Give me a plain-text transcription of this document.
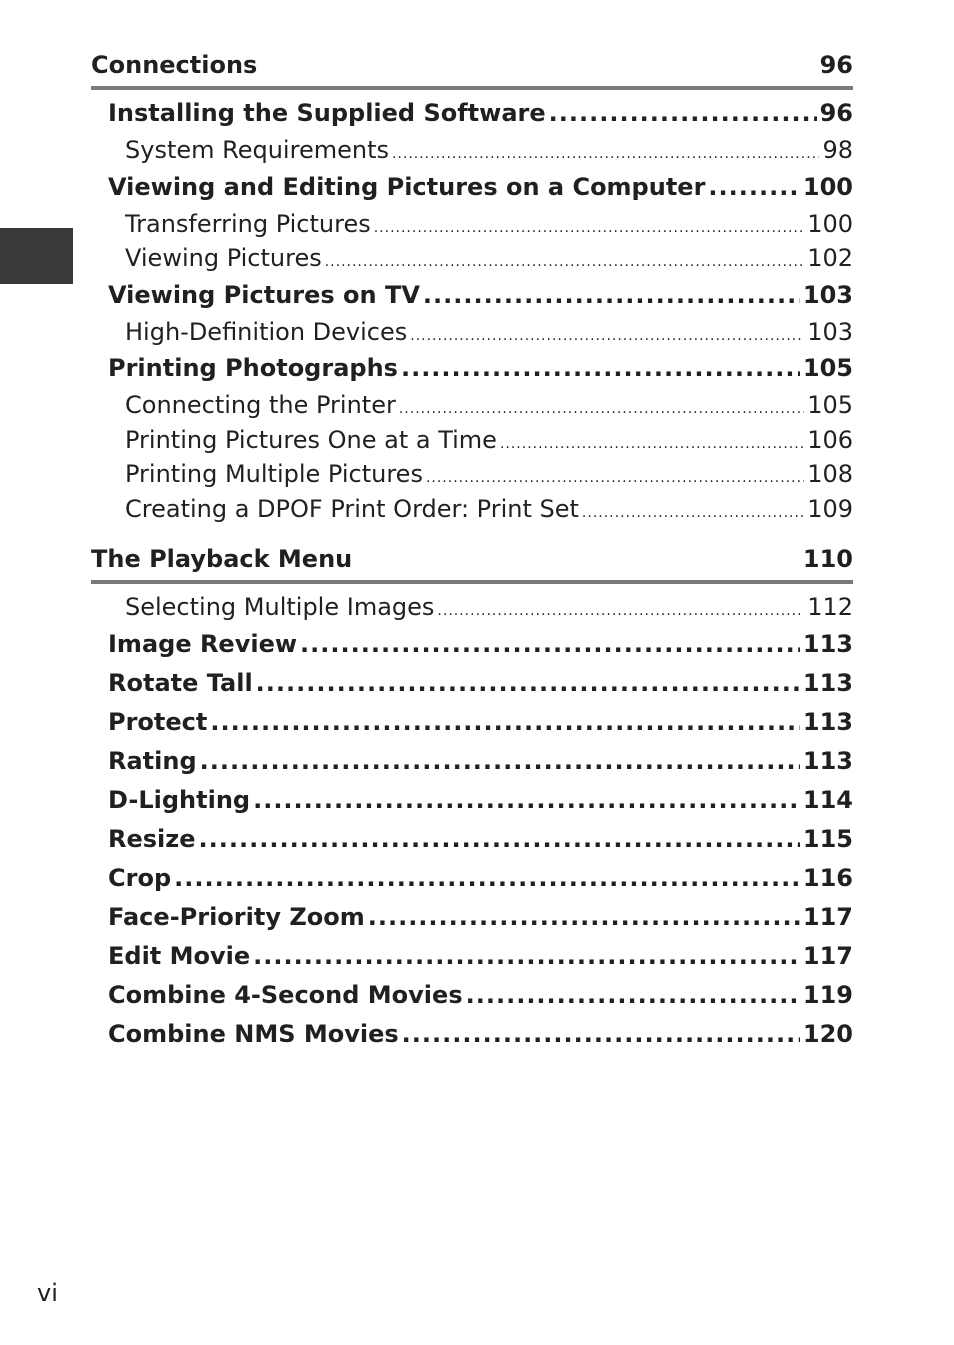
Connections	96
Installing the Supplied Software .....	96
System Requirements .....	98
Viewing and Editing Pictures on a Computer .....	100
Transferring Pictures .....	100
Viewing Pictures .....	102
Viewing Pictures on TV .....	103
High-Definition Devices .....	103
Printing Photographs .....	105
Connecting the Printer .....	105
Printing Pictures One at a Time .....	106
Printing Multiple Pictures .....	108
Creating a DPOF Print Order: Print Set .....	109
The Playback Menu	110
Selecting Multiple Images .....	112
Image Review .....	113
Rotate Tall .....	113
Protect .....	113
Rating .....	113
D-Lighting .....	114
Resize .....	115
Crop .....	116
Face-Priority Zoom .....	117
Edit Movie .....	117
Combine 4-Second Movies .....	119
Combine NMS Movies .....	120
vi
